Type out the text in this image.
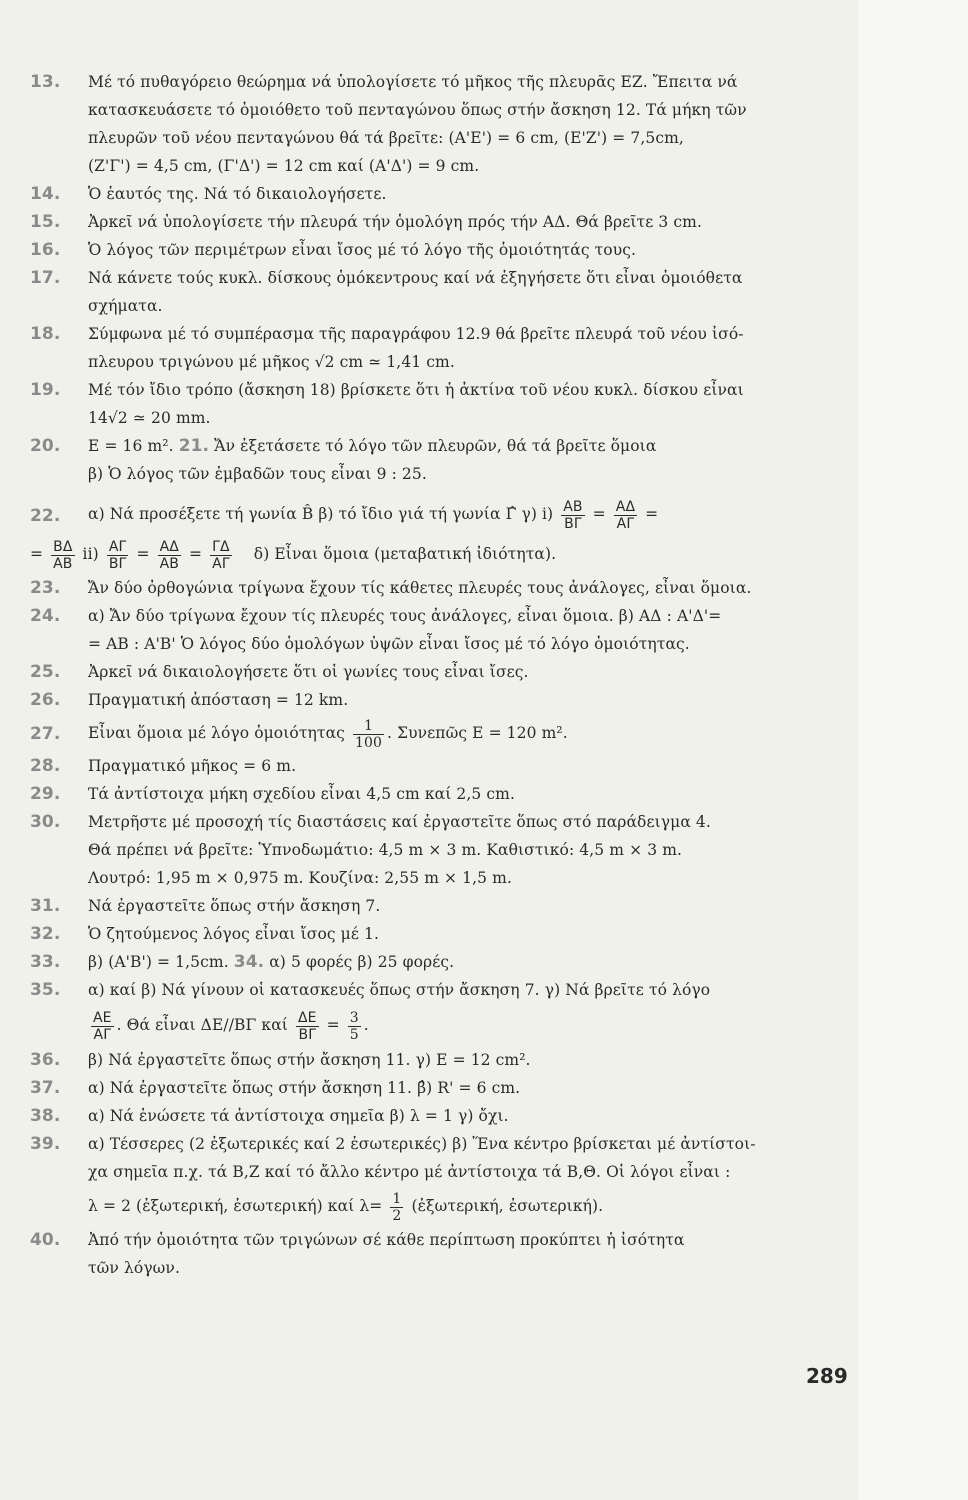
13. Μέ τό πυθαγόρειο θεώρημα νά ὑπολογίσετε τό μῆκος τῆς πλευρᾶς ΕΖ. Ἔπειτα νά
κατασκευάσετε τό ὁμοιόθετο τοῦ πενταγώνου ὅπως στήν ἄσκηση 12. Τά μήκη τῶν
πλευρῶν τοῦ νέου πενταγώνου θά τά βρεῖτε: (Α'Ε') = 6 cm, (Ε'Ζ') = 7,5cm,
(Ζ'Γ') = 4,5 cm, (Γ'Δ') = 12 cm καί (Α'Δ') = 9 cm.
14. Ὁ ἑαυτός της. Νά τό δικαιολογήσετε.
15. Ἀρκεῖ νά ὑπολογίσετε τήν πλευρά τήν ὁμολόγη πρός τήν ΑΔ. Θά βρεῖτε 3 cm.
16. Ὁ λόγος τῶν περιμέτρων εἶναι ἴσος μέ τό λόγο τῆς ὁμοιότητάς τους.
17. Νά κάνετε τούς κυκλ. δίσκους ὁμόκεντρους καί νά ἐξηγήσετε ὅτι εἶναι ὁμοιόθετα
σχήματα.
18. Σύμφωνα μέ τό συμπέρασμα τῆς παραγράφου 12.9 θά βρεῖτε πλευρά τοῦ νέου ἰσό-
πλευρου τριγώνου μέ μῆκος √2 cm ≃ 1,41 cm.
19. Μέ τόν ἴδιο τρόπο (ἄσκηση 18) βρίσκετε ὅτι ἡ ἀκτίνα τοῦ νέου κυκλ. δίσκου εἶναι
14√2 ≃ 20 mm.
20. Ε = 16 m². 21. Ἄν ἐξετάσετε τό λόγο τῶν πλευρῶν, θά τά βρεῖτε ὅμοια
β) Ὁ λόγος τῶν ἐμβαδῶν τους εἶναι 9 : 25.
22. α) Νά προσέξετε τή γωνία B̂ β) τό ἴδιο γιά τή γωνία Γ̂ γ) $i) \frac{AB}{B\Gamma} = \frac{A\Delta}{A\Gamma}$ =
= $\frac{B\Delta}{AB} ii) \frac{A\Gamma}{B\Gamma} = \frac{A\Delta}{AB} = \frac{\Gamma\Delta}{A\Gamma} \delta$) Εἶναι ὅμοια (μεταβατική ἰδιότητα).
23. Ἄν δύο ὀρθογώνια τρίγωνα ἔχουν τίς κάθετες πλευρές τους ἀνάλογες, εἶναι ὅμοια.
24. α) Ἄν δύο τρίγωνα ἔχουν τίς πλευρές τους ἀνάλογες, εἶναι ὅμοια. β) ΑΔ : Α'Δ'=
= ΑΒ : Α'Β' Ὁ λόγος δύο ὁμολόγων ὑψῶν εἶναι ἴσος μέ τό λόγο ὁμοιότητας.
25. Ἀρκεῖ νά δικαιολογήσετε ὅτι οἱ γωνίες τους εἶναι ἴσες.
26. Πραγματική ἀπόσταση = 12 km.
27. Εἶναι ὅμοια μέ λόγο ὁμοιότητας $\frac{1}{100}$ . Συνεπῶς Ε = 120 m².
28. Πραγματικό μῆκος = 6 m.
29. Τά ἀντίστοιχα μήκη σχεδίου εἶναι 4,5 cm καί 2,5 cm.
30. Μετρῆστε μέ προσοχή τίς διαστάσεις καί ἐργαστεῖτε ὅπως στό παράδειγμα 4.
Θά πρέπει νά βρεῖτε: Ὑπνοδωμάτιο: 4,5 m × 3 m. Καθιστικό: 4,5 m × 3 m.
Λουτρό: 1,95 m × 0,975 m. Κουζίνα: 2,55 m × 1,5 m.
31. Νά ἐργαστεῖτε ὅπως στήν ἄσκηση 7.
32. Ὁ ζητούμενος λόγος εἶναι ἴσος μέ 1.
33. β) (Α'Β') = 1,5cm. 34. α) 5 φορές β) 25 φορές.
35. α) καί β) Νά γίνουν οἱ κατασκευές ὅπως στήν ἄσκηση 7. γ) Νά βρεῖτε τό λόγο
$\frac{AE}{A\Gamma}$ . Θά εἶναι ΔΕ//ΒΓ καί $\frac{\Delta E}{B\Gamma} = \frac{3}{5}$ .
36. β) Νά ἐργαστεῖτε ὅπως στήν ἄσκηση 11. γ) Ε = 12 cm².
37. α) Νά ἐργαστεῖτε ὅπως στήν ἄσκηση 11. β̂) R' = 6 cm.
38. α) Νά ἑνώσετε τά ἀντίστοιχα σημεῖα β) λ = 1 γ) ὄχι.
39. α) Τέσσερες (2 ἐξωτερικές καί 2 ἐσωτερικές) β) Ἕνα κέντρο βρίσκεται μέ ἀντίστοι-
χα σημεῖα π.χ. τά Β,Ζ καί τό ἄλλο κέντρο μέ ἀντίστοιχα τά Β,Θ. Οἱ λόγοι εἶναι :
λ = 2 (ἐξωτερική, ἐσωτερική) καί $\lambda= \frac{1}{2}$ (ἐξωτερική, ἐσωτερική).
40. Ἀπό τήν ὁμοιότητα τῶν τριγώνων σέ κάθε περίπτωση προκύπτει ἡ ἰσότητα
τῶν λόγων.
289
